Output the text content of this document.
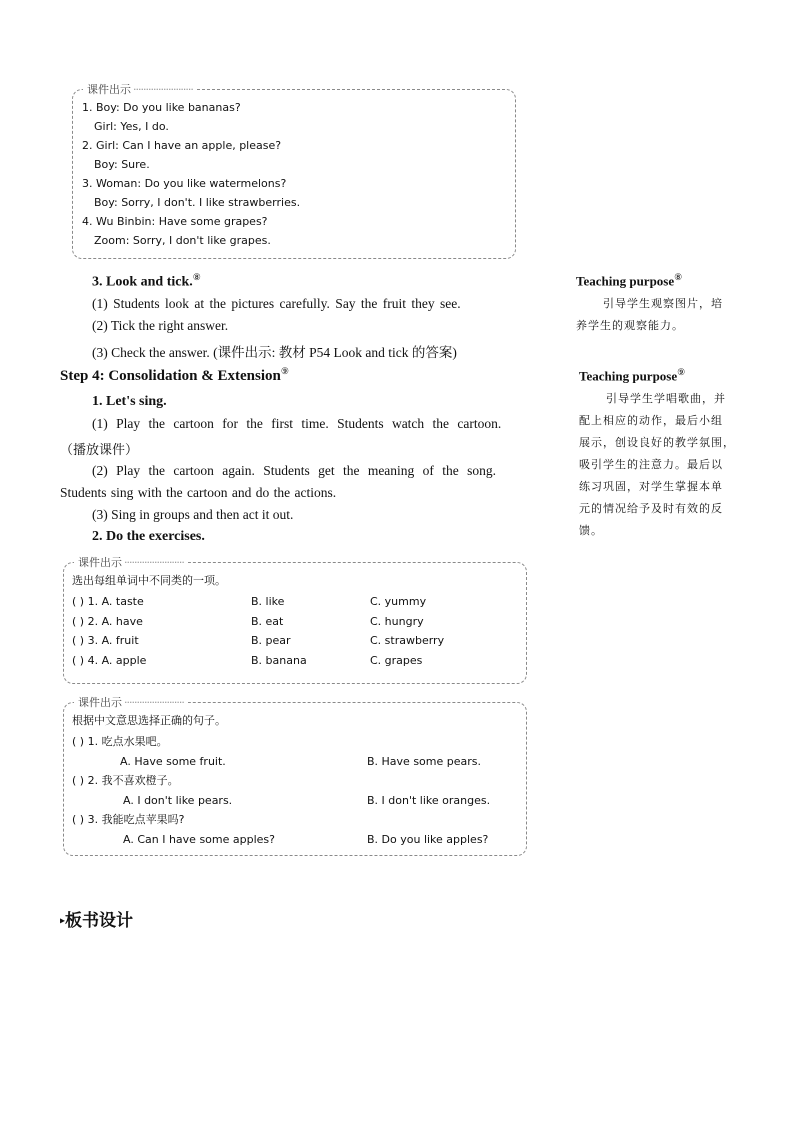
课件出示 ·····
1. Boy: Do you like bananas?
Girl: Yes, I do.
2. Girl: Can I have an apple, please?
Boy: Sure.
3. Woman: Do you like watermelons?
Boy: Sorry, I don't. I like strawberries.
4. Wu Binbin: Have some grapes?
Zoom: Sorry, I don't like grapes.
3. Look and tick.⑧
(1) Students look at the pictures carefully. Say the fruit they see.
(2) Tick the right answer.
(3) Check the answer. (课件出示: 教材 P54 Look and tick 的答案)
Teaching purpose⑧
引导学生观察图片，培
养学生的观察能力。
Step 4: Consolidation & Extension⑨
1. Let's sing.
(1) Play the cartoon for the first time. Students watch the cartoon.
（播放课件）
(2) Play the cartoon again. Students get the meaning of the song.
Students sing with the cartoon and do the actions.
(3) Sing in groups and then act it out.
2. Do the exercises.
Teaching purpose⑨
引导学生学唱歌曲，并
配上相应的动作，最后小组
展示，创设良好的教学氛围，
吸引学生的注意力。最后以
练习巩固，对学生掌握本单
元的情况给予及时有效的反
馈。
课件出示 ·····
选出每组单词中不同类的一项。
( ) 1. A. taste	B. like	C. yummy
( ) 2. A. have	B. eat	C. hungry
( ) 3. A. fruit	B. pear	C. strawberry
( ) 4. A. apple	B. banana	C. grapes
课件出示 ·····
根据中文意思选择正确的句子。
( ) 1. 吃点水果吧。
A. Have some fruit.	B. Have some pears.
( ) 2. 我不喜欢橙子。
A. I don't like pears.	B. I don't like oranges.
( ) 3. 我能吃点苹果吗?
A. Can I have some apples?	B. Do you like apples?
▸板书设计
